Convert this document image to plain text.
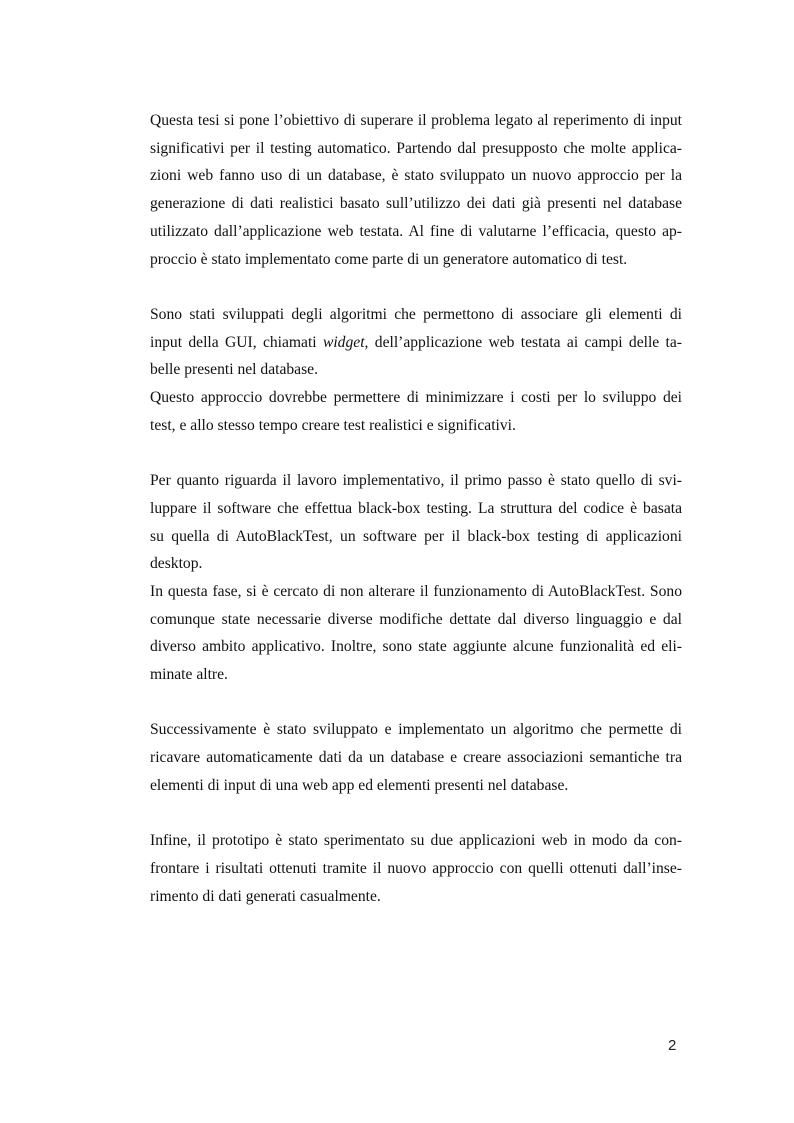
Questa tesi si pone l’obiettivo di superare il problema legato al reperimento di input
significativi per il testing automatico. Partendo dal presupposto che molte applica-
zioni web fanno uso di un database, è stato sviluppato un nuovo approccio per la
generazione di dati realistici basato sull’utilizzo dei dati già presenti nel database
utilizzato dall’applicazione web testata. Al fine di valutarne l’efficacia, questo ap-
proccio è stato implementato come parte di un generatore automatico di test.

Sono stati sviluppati degli algoritmi che permettono di associare gli elementi di
input della GUI, chiamati widget, dell’applicazione web testata ai campi delle ta-
belle presenti nel database.
Questo approccio dovrebbe permettere di minimizzare i costi per lo sviluppo dei
test, e allo stesso tempo creare test realistici e significativi.

Per quanto riguarda il lavoro implementativo, il primo passo è stato quello di svi-
luppare il software che effettua black-box testing. La struttura del codice è basata
su quella di AutoBlackTest, un software per il black-box testing di applicazioni
desktop.
In questa fase, si è cercato di non alterare il funzionamento di AutoBlackTest. Sono
comunque state necessarie diverse modifiche dettate dal diverso linguaggio e dal
diverso ambito applicativo. Inoltre, sono state aggiunte alcune funzionalità ed eli-
minate altre.

Successivamente è stato sviluppato e implementato un algoritmo che permette di
ricavare automaticamente dati da un database e creare associazioni semantiche tra
elementi di input di una web app ed elementi presenti nel database.

Infine, il prototipo è stato sperimentato su due applicazioni web in modo da con-
frontare i risultati ottenuti tramite il nuovo approccio con quelli ottenuti dall’inse-
rimento di dati generati casualmente.

2
